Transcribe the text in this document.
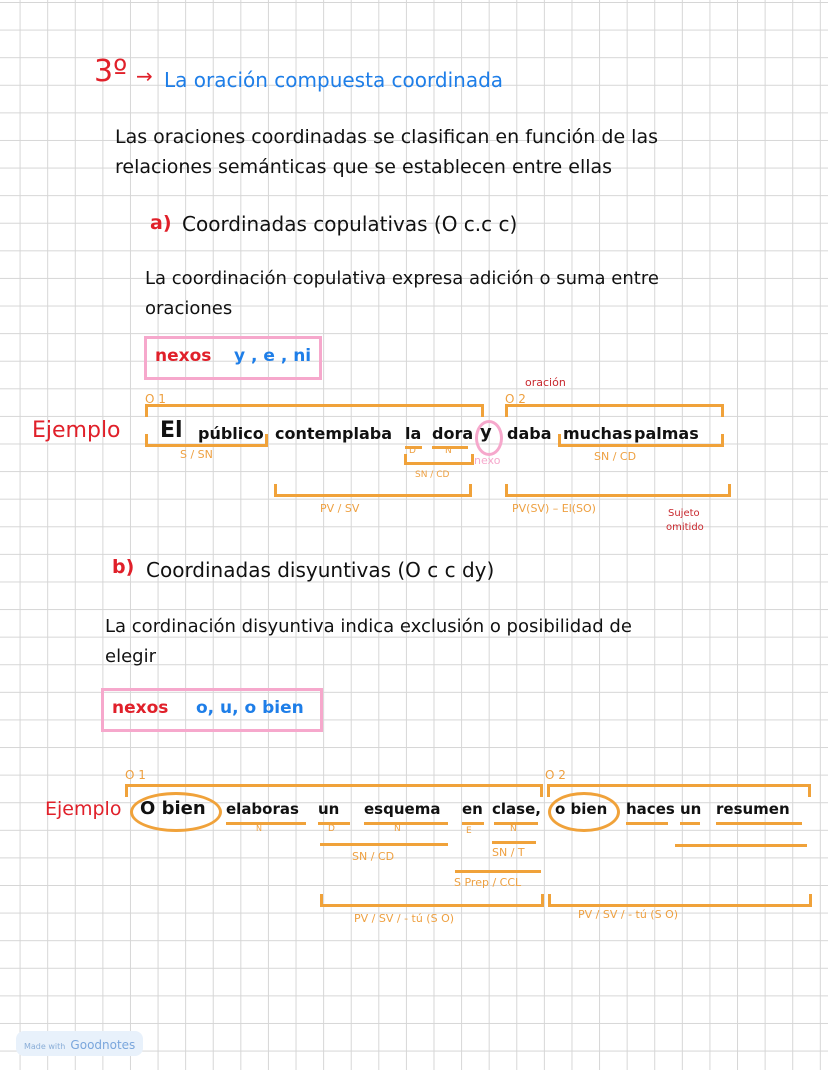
3º → La oración compuesta coordinada
Las oraciones coordinadas se clasifican en función de las
relaciones semánticas que se establecen entre ellas
a) Coordinadas copulativas (O c.c c)
La coordinación copulativa expresa adición o suma entre
oraciones
nexos y , e , ni
O 1	O 2
oración
Ejemplo El público contemplaba la dora y daba muchas palmas
S / SN	D	N
nexo	SN / CD
SN / CD
PV / SV	PV(SV) – El(SO)	Sujeto
omitido
b) Coordinadas disyuntivas (O c c dy)
La cordinación disyuntiva indica exclusión o posibilidad de
elegir
nexos o, u, o bien
O 1	O 2
Ejemplo O bien elaboras un esquema en clase, o bien haces un resumen
N	D	N	E	N
SN / CD	SN / T
S Prep / CCL
PV / SV / - tú (S O)	PV / SV / - tú (S O)
Made with Goodnotes
